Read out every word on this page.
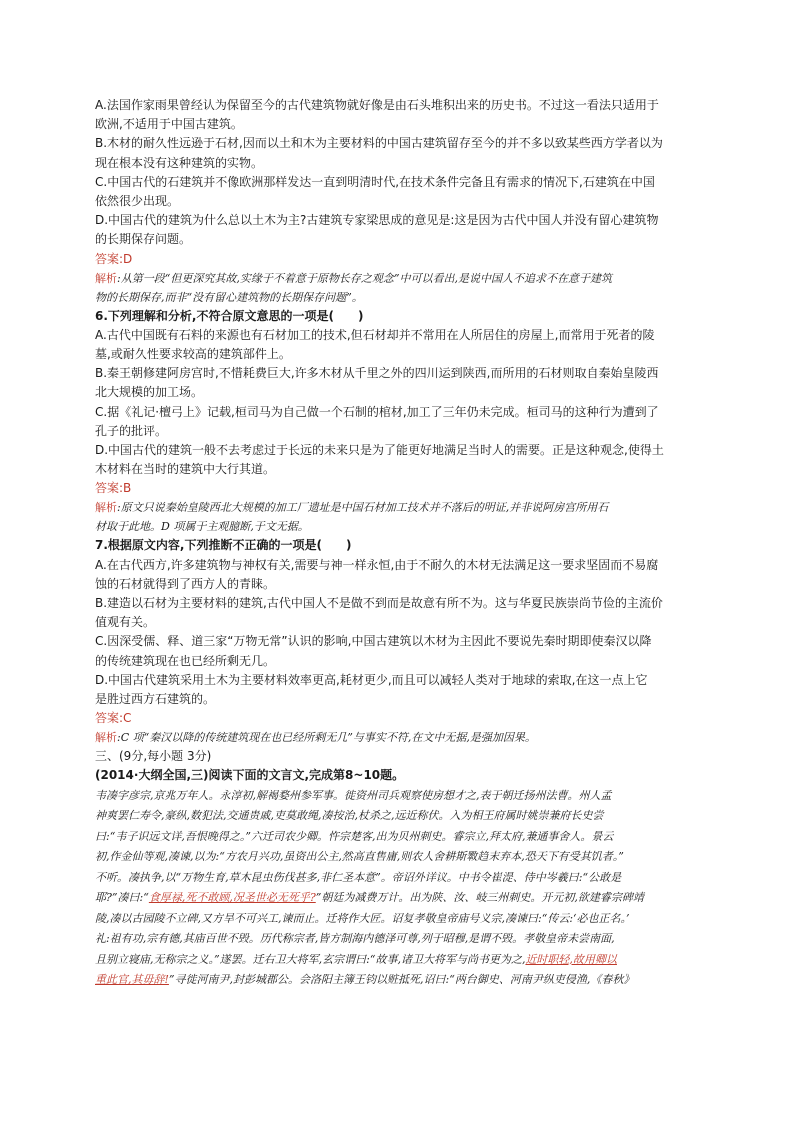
A.法国作家雨果曾经认为保留至今的古代建筑物就好像是由石头堆积出来的历史书。不过这一看法只适用于
欧洲,不适用于中国古建筑。
B.木材的耐久性远逊于石材,因而以土和木为主要材料的中国古建筑留存至今的并不多以致某些西方学者以为
现在根本没有这种建筑的实物。
C.中国古代的石建筑并不像欧洲那样发达一直到明清时代,在技术条件完备且有需求的情况下,石建筑在中国
依然很少出现。
D.中国古代的建筑为什么总以土木为主?古建筑专家梁思成的意见是:这是因为古代中国人并没有留心建筑物
的长期保存问题。
答案:D
解析:从第一段“但更深究其故,实缘于不着意于原物长存之观念”中可以看出,是说中国人不追求不在意于建筑
物的长期保存,而非“没有留心建筑物的长期保存问题”。
6.下列理解和分析,不符合原文意思的一项是(　　)
A.古代中国既有石料的来源也有石材加工的技术,但石材却并不常用在人所居住的房屋上,而常用于死者的陵
墓,或耐久性要求较高的建筑部件上。
B.秦王朝修建阿房宫时,不惜耗费巨大,许多木材从千里之外的四川运到陕西,而所用的石材则取自秦始皇陵西
北大规模的加工场。
C.据《礼记·檀弓上》记载,桓司马为自己做一个石制的棺材,加工了三年仍未完成。桓司马的这种行为遭到了
孔子的批评。
D.中国古代的建筑一般不去考虑过于长远的未来只是为了能更好地满足当时人的需要。正是这种观念,使得土
木材料在当时的建筑中大行其道。
答案:B
解析:原文只说秦始皇陵西北大规模的加工厂遗址是中国石材加工技术并不落后的明证,并非说阿房宫所用石
材取于此地。D 项属于主观臆断,于文无据。
7.根据原文内容,下列推断不正确的一项是(　　)
A.在古代西方,许多建筑物与神权有关,需要与神一样永恒,由于不耐久的木材无法满足这一要求坚固而不易腐
蚀的石材就得到了西方人的青睐。
B.建造以石材为主要材料的建筑,古代中国人不是做不到而是故意有所不为。这与华夏民族崇尚节俭的主流价
值观有关。
C.因深受儒、释、道三家“万物无常”认识的影响,中国古建筑以木材为主因此不要说先秦时期即使秦汉以降
的传统建筑现在也已经所剩无几。
D.中国古代建筑采用土木为主要材料效率更高,耗材更少,而且可以减轻人类对于地球的索取,在这一点上它
是胜过西方石建筑的。
答案:C
解析:C 项“秦汉以降的传统建筑现在也已经所剩无几”与事实不符,在文中无据,是强加因果。
三、(9分,每小题 3分)
(2014·大纲全国,三)阅读下面的文言文,完成第8~10题。
韦凑字彦宗,京兆万年人。永淳初,解褐婺州参军事。徙资州司兵观察使房想才之,表于朝迁扬州法曹。州人孟
神爽罢仁寿令,豪纵,数犯法,交通贵戚,吏莫敢绳,凑按治,杖杀之,远近称伏。入为相王府属时姚崇兼府长史尝
曰:“韦子识远文详,吾恨晚得之。”六迁司农少卿。忤宗楚客,出为贝州刺史。睿宗立,拜太府,兼通事舍人。景云
初,作金仙等观,凑谏,以为:“方农月兴功,虽资出公主,然高直售庸,则农人舍耕斯斁趋末弃本,恐天下有受其饥者。”
不听。凑执争,以“万物生育,草木昆虫伤伐甚多,非仁圣本意”。帝诏外详议。中书令崔湜、侍中岑羲曰:“公敢是
耶?”凑曰:“食厚禄,死不敢顾,况圣世必无死乎?”朝廷为减费万计。出为陕、汝、岐三州刺史。开元初,欲建睿宗碑靖
陵,凑以古园陵不立碑,又方旱不可兴工,谏而止。迁将作大匠。诏复孝敬皇帝庙号义宗,凑谏曰:“传云:‘必也正名。’
礼:祖有功,宗有德,其庙百世不毁。历代称宗者,皆方制海内德泽可尊,列于昭穆,是谓不毁。孝敬皇帝未尝南面,
且别立寝庙,无称宗之义。”遂罢。迁右卫大将军,玄宗谓曰:“故事,诸卫大将军与尚书更为之,近时职轻,故用卿以
重此官,其毋辞!”寻徙河南尹,封彭城郡公。会洛阳主簿王钧以赃抵死,诏曰:“两台御史、河南尹纵吏侵渔,《春秋》
